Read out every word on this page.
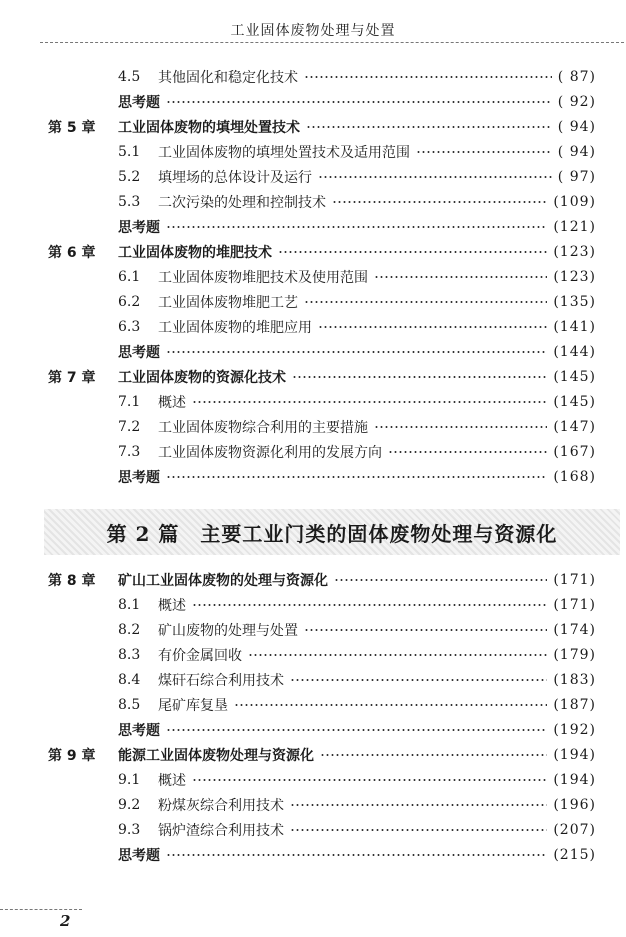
工业固体废物处理与处置
4.5	其他固化和稳定化技术	( 87)
思考题	( 92)
第 5 章 工业固体废物的填埋处置技术	( 94)
5.1	工业固体废物的填埋处置技术及适用范围	( 94)
5.2	填埋场的总体设计及运行	( 97)
5.3	二次污染的处理和控制技术	(109)
思考题	(121)
第 6 章 工业固体废物的堆肥技术	(123)
6.1	工业固体废物堆肥技术及使用范围	(123)
6.2	工业固体废物堆肥工艺	(135)
6.3	工业固体废物的堆肥应用	(141)
思考题	(144)
第 7 章 工业固体废物的资源化技术	(145)
7.1	概述	(145)
7.2	工业固体废物综合利用的主要措施	(147)
7.3	工业固体废物资源化利用的发展方向	(167)
思考题	(168)
第 2 篇　主要工业门类的固体废物处理与资源化
第 8 章 矿山工业固体废物的处理与资源化	(171)
8.1	概述	(171)
8.2	矿山废物的处理与处置	(174)
8.3	有价金属回收	(179)
8.4	煤矸石综合利用技术	(183)
8.5	尾矿库复垦	(187)
思考题	(192)
第 9 章 能源工业固体废物处理与资源化	(194)
9.1	概述	(194)
9.2	粉煤灰综合利用技术	(196)
9.3	锅炉渣综合利用技术	(207)
思考题	(215)
2
